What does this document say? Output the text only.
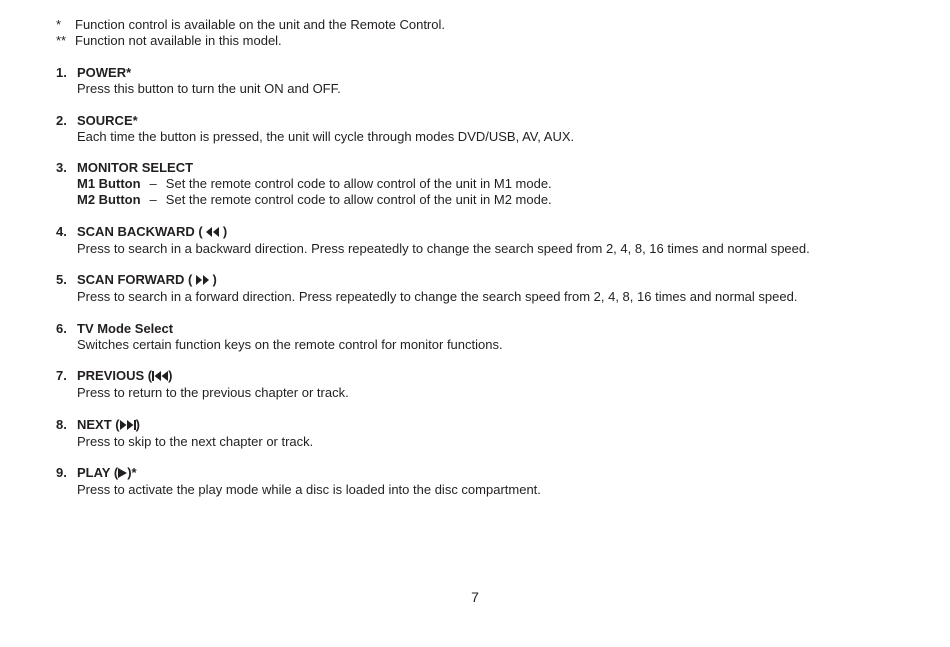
*	Function control is available on the unit and the Remote Control.
** Function not available in this model.
1. POWER*
Press this button to turn the unit ON and OFF.
2. SOURCE*
Each time the button is pressed, the unit will cycle through modes DVD/USB, AV, AUX.
3. MONITOR SELECT
M1 Button – Set the remote control code to allow control of the unit in M1 mode.
M2 Button – Set the remote control code to allow control of the unit in M2 mode.
4. SCAN BACKWARD (  )
Press to search in a backward direction. Press repeatedly to change the search speed from 2, 4, 8, 16 times and normal speed.
5. SCAN FORWARD (  )
Press to search in a forward direction. Press repeatedly to change the search speed from 2, 4, 8, 16 times and normal speed.
6. TV Mode Select
Switches certain function keys on the remote control for monitor functions.
7. PREVIOUS ( )
Press to return to the previous chapter or track.
8. NEXT ( )
Press to skip to the next chapter or track.
9. PLAY ( )*
Press to activate the play mode while a disc is loaded into the disc compartment.
7
